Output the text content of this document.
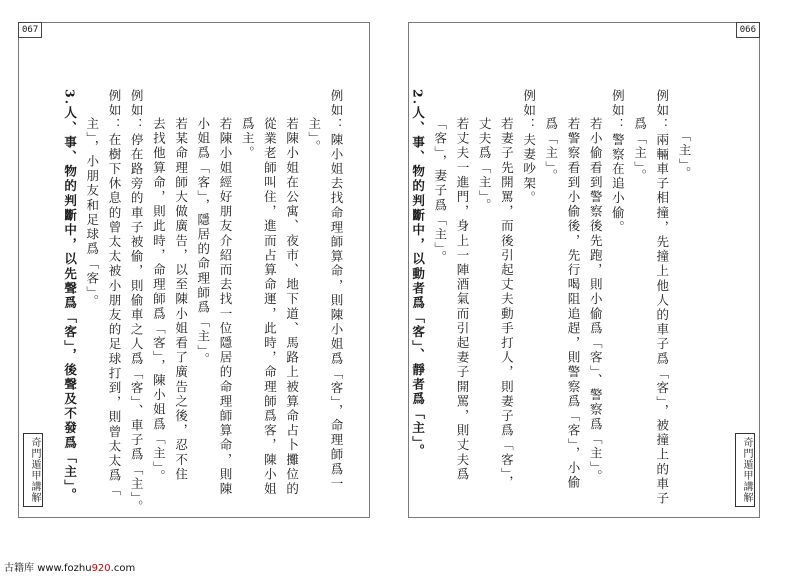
067
例如：陳小姐去找命理師算命，則陳小姐爲「客」，命理師爲一
主」。
若陳小姐在公寓、夜市、地下道、馬路上被算命占卜攤位的
從業老師叫住，進而占算命運，此時，命理師爲客，陳小姐
爲主。
若陳小姐經好朋友介紹而去找一位隱居的命理師算命，則陳
小姐爲「客」，隱居的命理師爲「主」。
若某命理師大做廣告，以至陳小姐看了廣告之後，忍不住
去找他算命，則此時，命理師爲「客」，陳小姐爲「主」。
例如：停在路旁的車子被偷，則偷車之人爲「客」、車子爲「主」。
例如：在樹下休息的曾太太被小朋友的足球打到，則曾太太爲「
主」，小朋友和足球爲「客」。
3.人、事、物的判斷中，以先聲爲「客」，後聲及不發爲「主」。
奇門遁甲講解
066
「主」。
例如：兩輛車子相撞，先撞上他人的車子爲「客」，被撞上的車子
爲「主」。
例如：警察在追小偷。
若小偷看到警察後先跑，則小偷爲「客」、警察爲「主」。
若警察看到小偷後，先行喝阻追趕，則警察爲「客」，小偷
爲「主」。
例如：夫妻吵架。
若妻子先開罵，而後引起丈夫動手打人，則妻子爲「客」，
丈夫爲「主」。
若丈夫一進門，身上一陣酒氣而引起妻子開罵，則丈夫爲
「客」，妻子爲「主」。
2.人、事、物的判斷中，以動者爲「客」、靜者爲「主」。
奇門遁甲講解
古籍库 www.fozhu920.com
